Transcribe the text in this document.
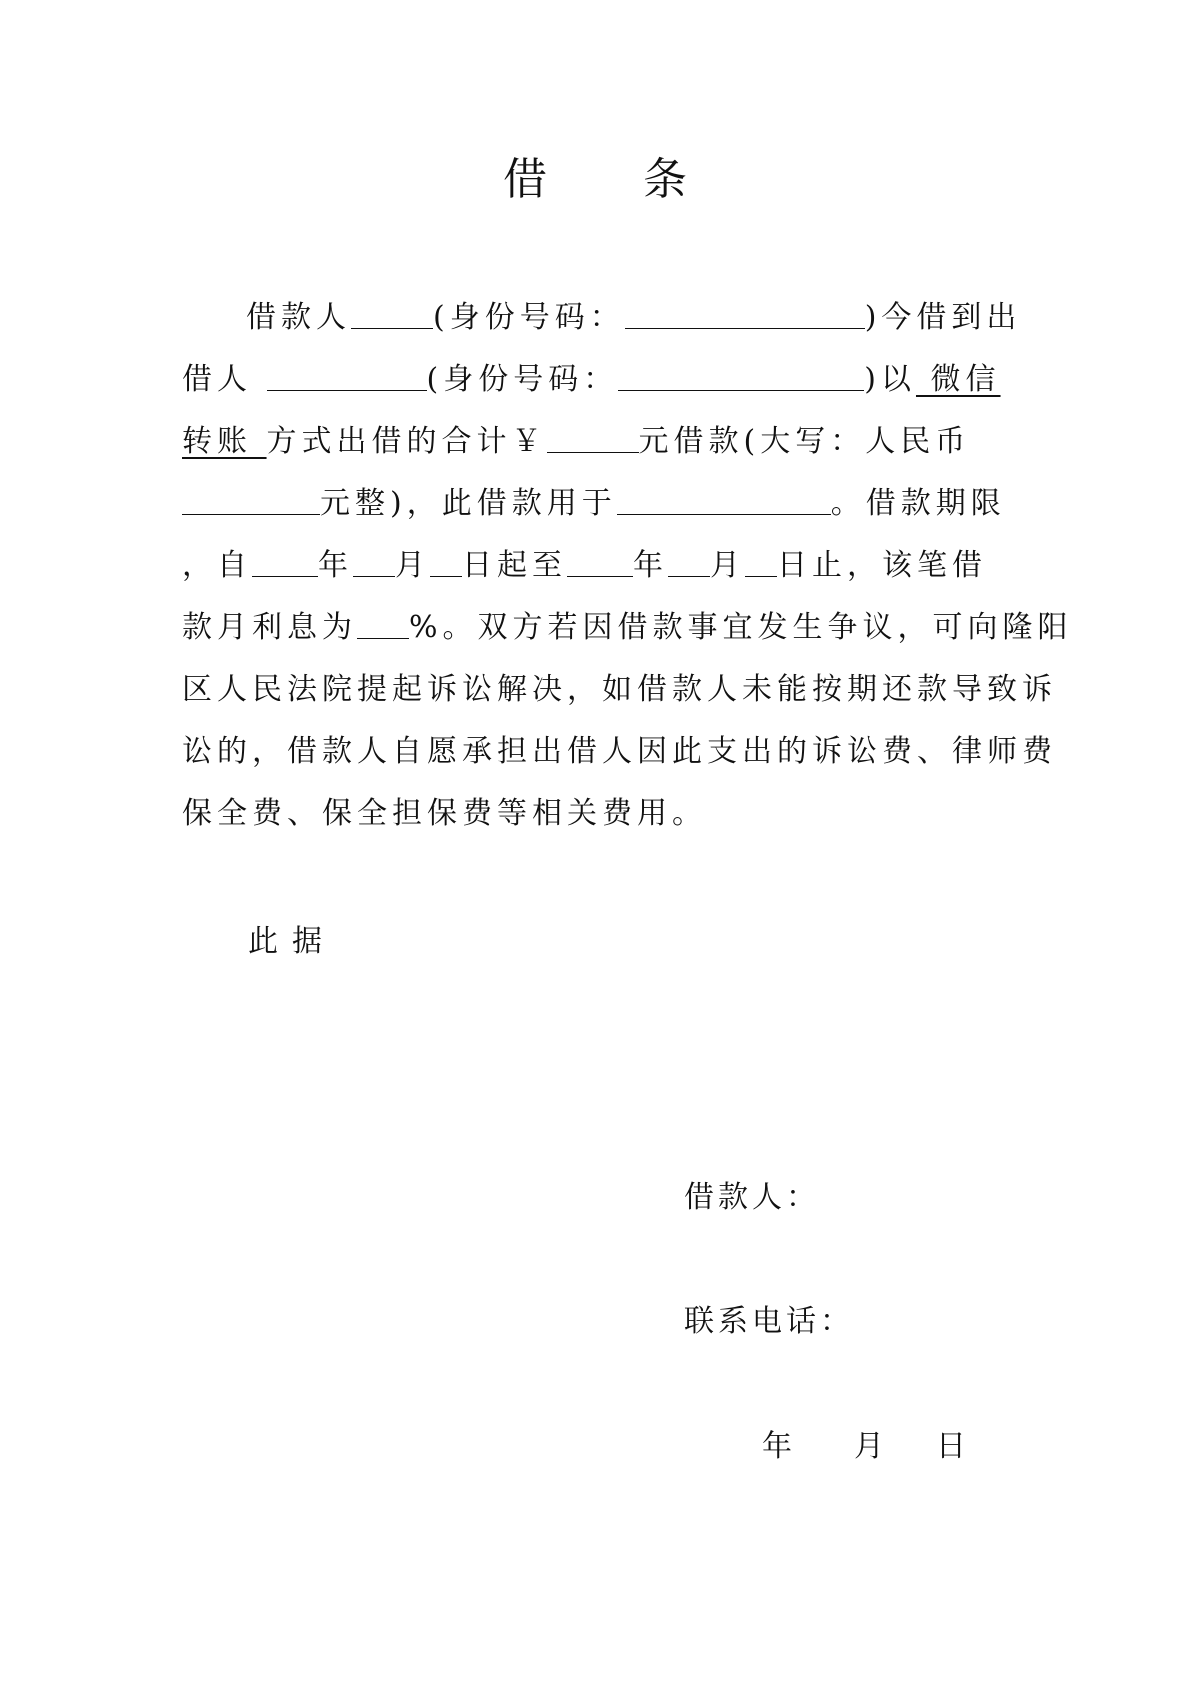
借 条
借款人	(身份号码：	)今借到出
借人	(身份号码：	)以 微信
转账 方式出借的合计￥	元借款(大写：人民币
元整)，此借款用于	。借款期限
，自 年 月 日起至 年 月 日止，该笔借
款月利息为 %。双方若因借款事宜发生争议，可向隆阳
区人民法院提起诉讼解决，如借款人未能按期还款导致诉
讼的，借款人自愿承担出借人因此支出的诉讼费、律师费
保全费、保全担保费等相关费用。
此据
借款人：
联系电话：
年 月 日
